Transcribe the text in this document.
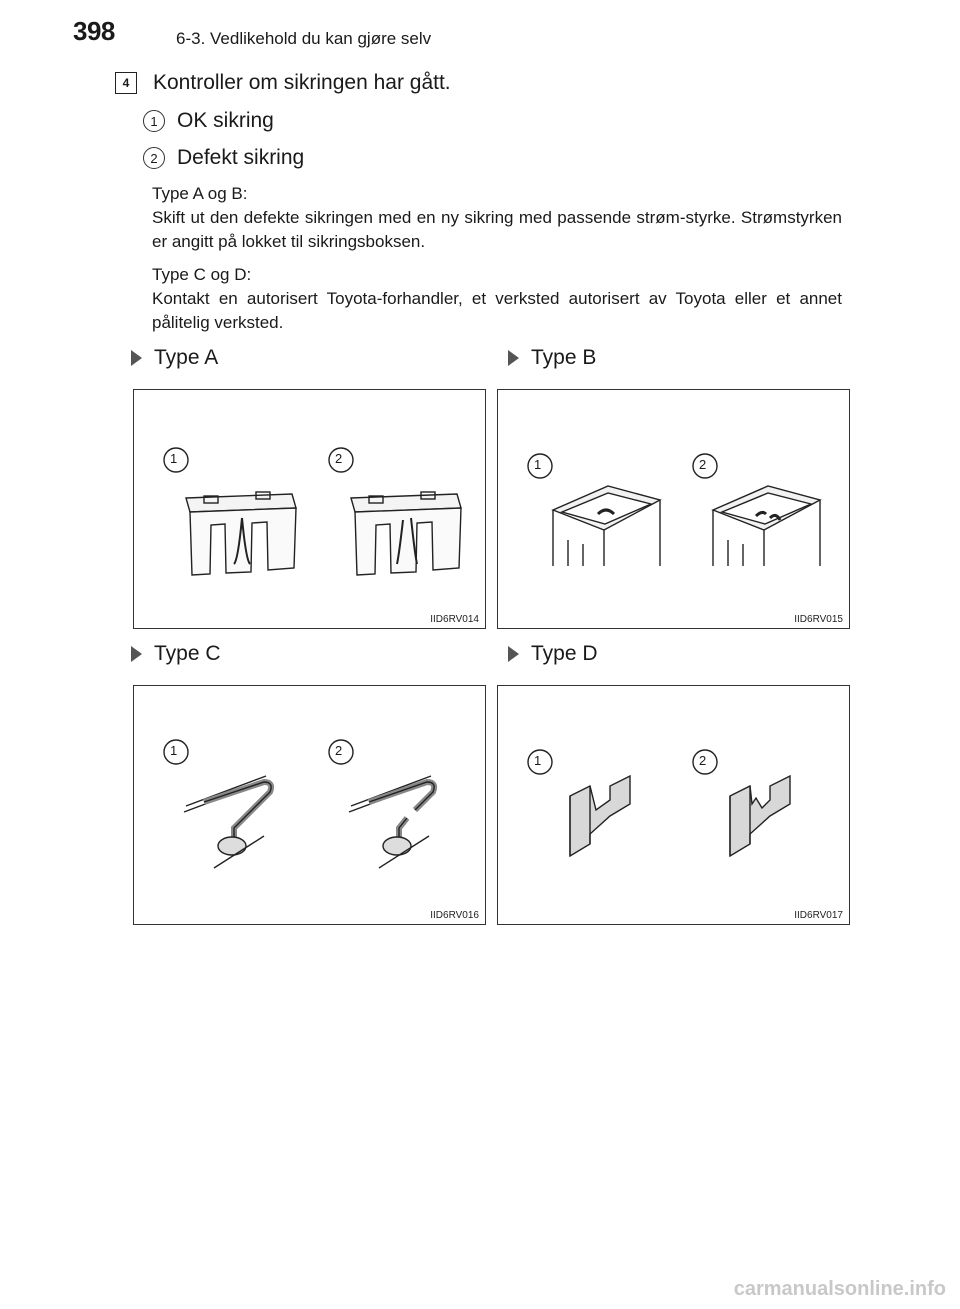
398	6-3. Vedlikehold du kan gjøre selv
4	Kontroller om sikringen har gått.
1 OK sikring
2 Defekt sikring

Type A og B:

Skift ut den defekte sikringen med en ny sikring med passende strøm-styrke. Strømstyrken er angitt på lokket til sikringsboksen.

Type C og D:

Kontakt en autorisert Toyota-forhandler, et verksted autorisert av Toyota eller et annet pålitelig verksted.

Type A	Type B
Type C	Type D
1	2
IID6RV014
1	2
IID6RV015
1	2
IID6RV016
1	2
IID6RV017
carmanualsonline.info
